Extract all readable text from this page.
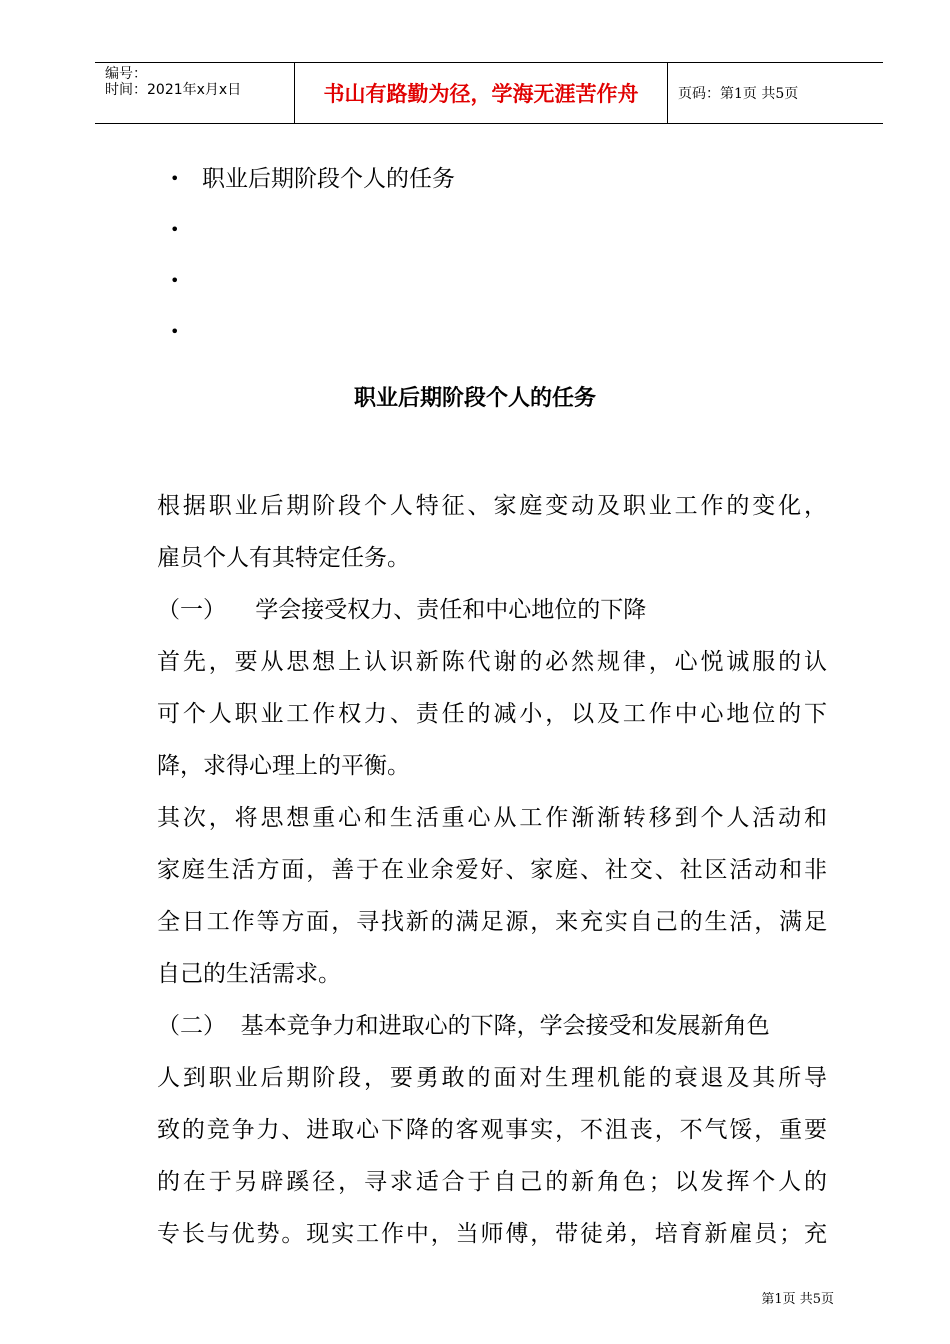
编号：
时间：2021年x月x日	书山有路勤为径，学海无涯苦作舟	页码：第1页 共5页
• 职业后期阶段个人的任务
•
•
•
职业后期阶段个人的任务
根据职业后期阶段个人特征、家庭变动及职业工作的变化，
雇员个人有其特定任务。
（一）    学会接受权力、责任和中心地位的下降
首先，要从思想上认识新陈代谢的必然规律，心悦诚服的认
可个人职业工作权力、责任的减小，以及工作中心地位的下
降，求得心理上的平衡。
其次，将思想重心和生活重心从工作渐渐转移到个人活动和
家庭生活方面，善于在业余爱好、家庭、社交、社区活动和非
全日工作等方面，寻找新的满足源，来充实自己的生活，满足
自己的生活需求。
（二）  基本竞争力和进取心的下降，学会接受和发展新角色
人到职业后期阶段，要勇敢的面对生理机能的衰退及其所导
致的竞争力、进取心下降的客观事实，不沮丧，不气馁，重要
的在于另辟蹊径，寻求适合于自己的新角色；以发挥个人的
专长与优势。现实工作中，当师傅，带徒弟，培育新雇员；充
第1页 共5页
